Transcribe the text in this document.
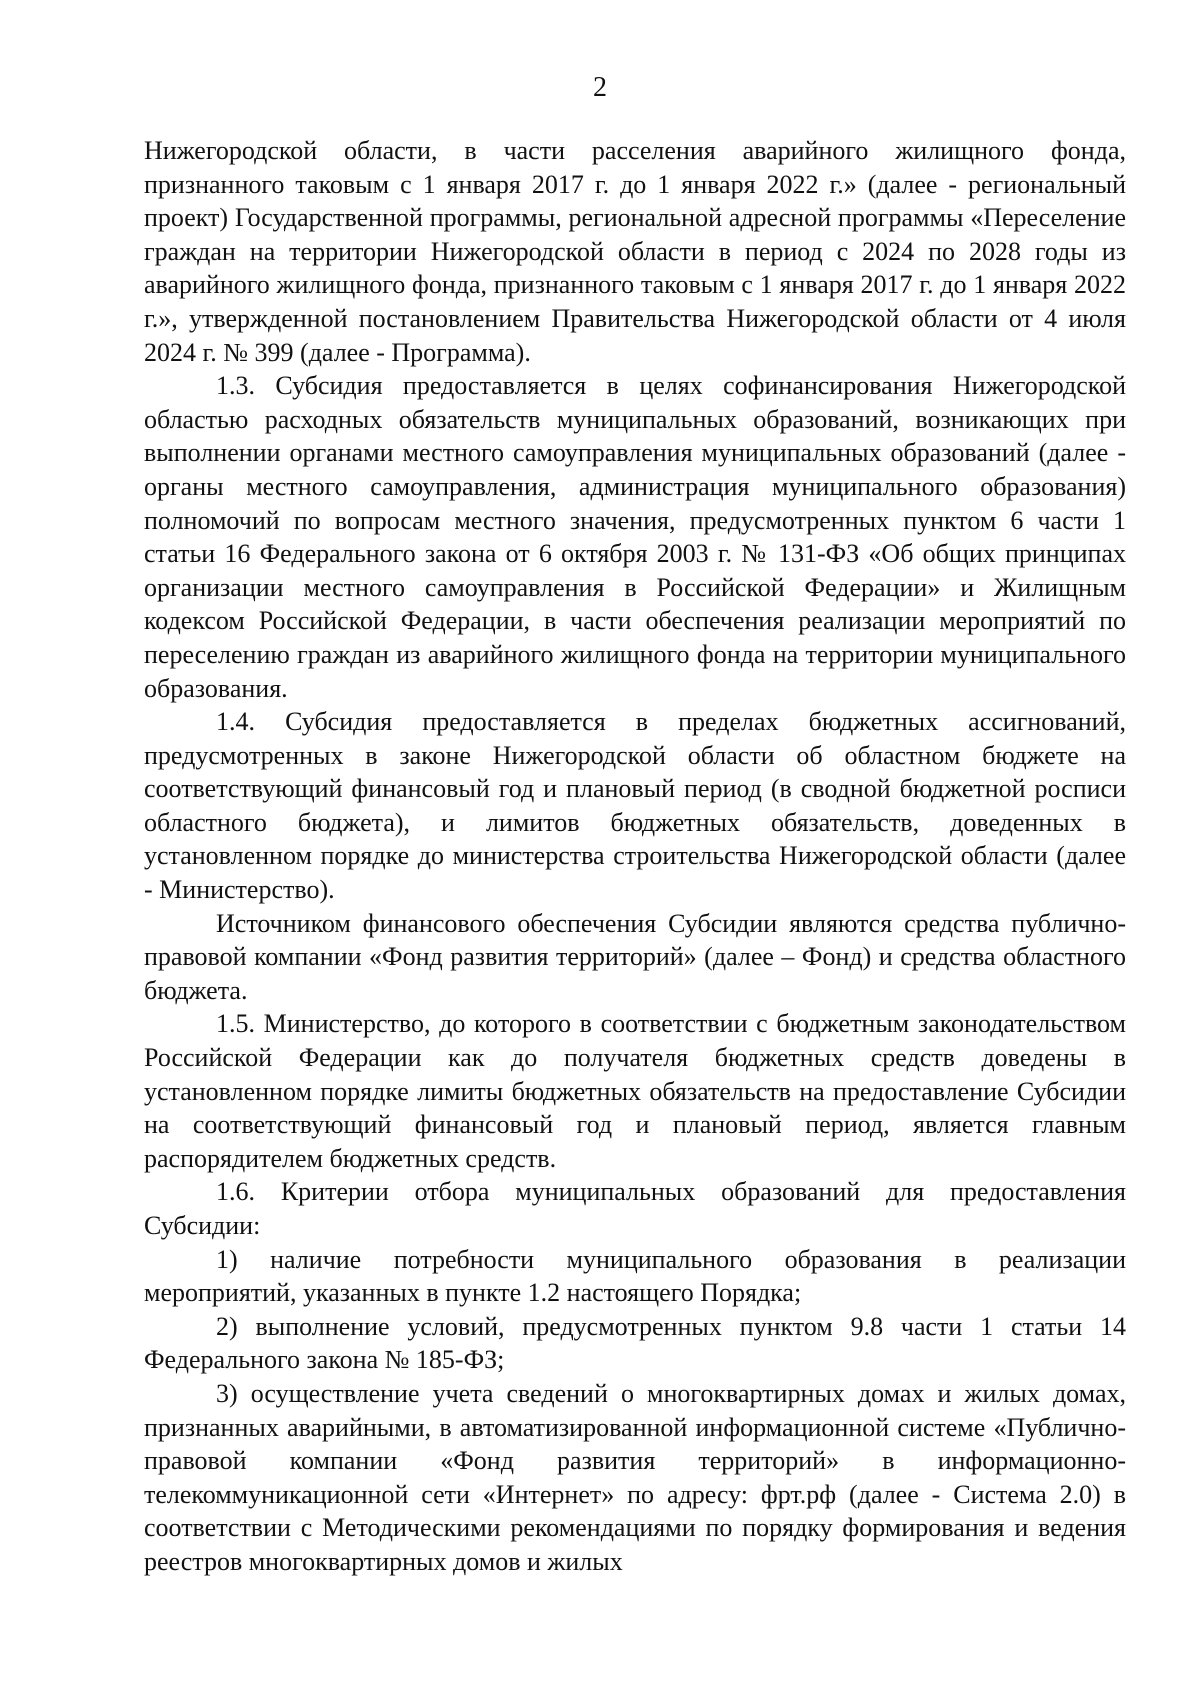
2

Нижегородской области, в части расселения аварийного жилищного фонда, признанного таковым с 1 января 2017 г. до 1 января 2022 г.» (далее - региональный проект) Государственной программы, региональной адресной программы «Переселение граждан на территории Нижегородской области в период с 2024 по 2028 годы из аварийного жилищного фонда, признанного таковым с 1 января 2017 г. до 1 января 2022 г.», утвержденной постановлением Правительства Нижегородской области от 4 июля 2024 г. № 399 (далее - Программа).

1.3. Субсидия предоставляется в целях софинансирования Нижегородской областью расходных обязательств муниципальных образований, возникающих при выполнении органами местного самоуправления муниципальных образований (далее - органы местного самоуправления, администрация муниципального образования) полномочий по вопросам местного значения, предусмотренных пунктом 6 части 1 статьи 16 Федерального закона от 6 октября 2003 г. № 131-ФЗ «Об общих принципах организации местного самоуправления в Российской Федерации» и Жилищным кодексом Российской Федерации, в части обеспечения реализации мероприятий по переселению граждан из аварийного жилищного фонда на территории муниципального образования.

1.4. Субсидия предоставляется в пределах бюджетных ассигнований, предусмотренных в законе Нижегородской области об областном бюджете на соответствующий финансовый год и плановый период (в сводной бюджетной росписи областного бюджета), и лимитов бюджетных обязательств, доведенных в установленном порядке до министерства строительства Нижегородской области (далее - Министерство).

Источником финансового обеспечения Субсидии являются средства публично-правовой компании «Фонд развития территорий» (далее – Фонд) и средства областного бюджета.

1.5. Министерство, до которого в соответствии с бюджетным законодательством Российской Федерации как до получателя бюджетных средств доведены в установленном порядке лимиты бюджетных обязательств на предоставление Субсидии на соответствующий финансовый год и плановый период, является главным распорядителем бюджетных средств.

1.6. Критерии отбора муниципальных образований для предоставления Субсидии:

1) наличие потребности муниципального образования в реализации мероприятий, указанных в пункте 1.2 настоящего Порядка;

2) выполнение условий, предусмотренных пунктом 9.8 части 1 статьи 14 Федерального закона № 185-ФЗ;

3) осуществление учета сведений о многоквартирных домах и жилых домах, признанных аварийными, в автоматизированной информационной системе «Публично-правовой компании «Фонд развития территорий» в информационно-телекоммуникационной сети «Интернет» по адресу: фрт.рф (далее - Система 2.0) в соответствии с Методическими рекомендациями по порядку формирования и ведения реестров многоквартирных домов и жилых
